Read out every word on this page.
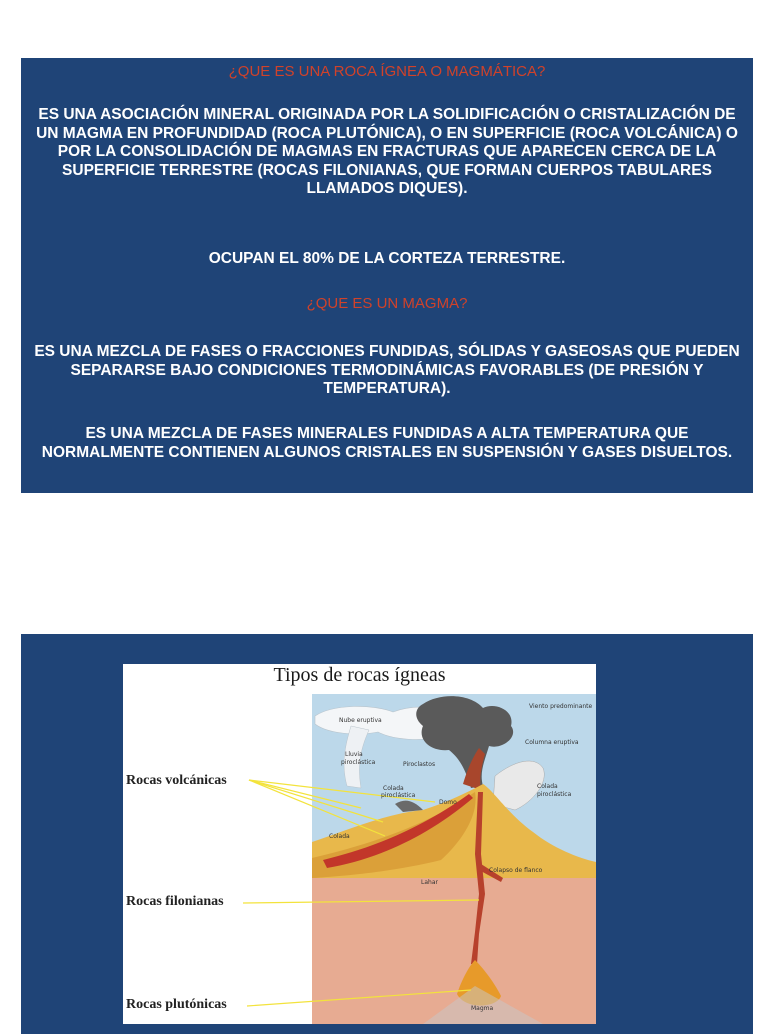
¿QUE ES UNA ROCA ÍGNEA O MAGMÁTICA?
ES UNA ASOCIACIÓN MINERAL ORIGINADA POR LA SOLIDIFICACIÓN O CRISTALIZACIÓN DE UN MAGMA EN PROFUNDIDAD (ROCA PLUTÓNICA), O EN SUPERFICIE (ROCA VOLCÁNICA) O POR LA CONSOLIDACIÓN DE MAGMAS EN FRACTURAS QUE APARECEN CERCA DE LA SUPERFICIE TERRESTRE (ROCAS FILONIANAS, QUE FORMAN CUERPOS TABULARES LLAMADOS DIQUES).
OCUPAN EL 80% DE LA CORTEZA TERRESTRE.
¿QUE ES UN MAGMA?
ES UNA MEZCLA DE FASES O FRACCIONES FUNDIDAS, SÓLIDAS Y GASEOSAS QUE PUEDEN SEPARARSE BAJO CONDICIONES TERMODINÁMICAS FAVORABLES (DE PRESIÓN Y TEMPERATURA).
ES UNA MEZCLA DE FASES MINERALES FUNDIDAS A ALTA TEMPERATURA QUE NORMALMENTE CONTIENEN ALGUNOS CRISTALES EN SUSPENSIÓN Y GASES DISUELTOS.
Tipos de rocas ígneas
Viento predominante
Nube eruptiva
Columna eruptiva
Lluvia
piroclástica	Piroclastos
Colada
piroclástica
Colada
piroclástica
Domo
Colada
Colapso de flanco
Lahar
Magma
Rocas volcánicas
Rocas filonianas
Rocas plutónicas
